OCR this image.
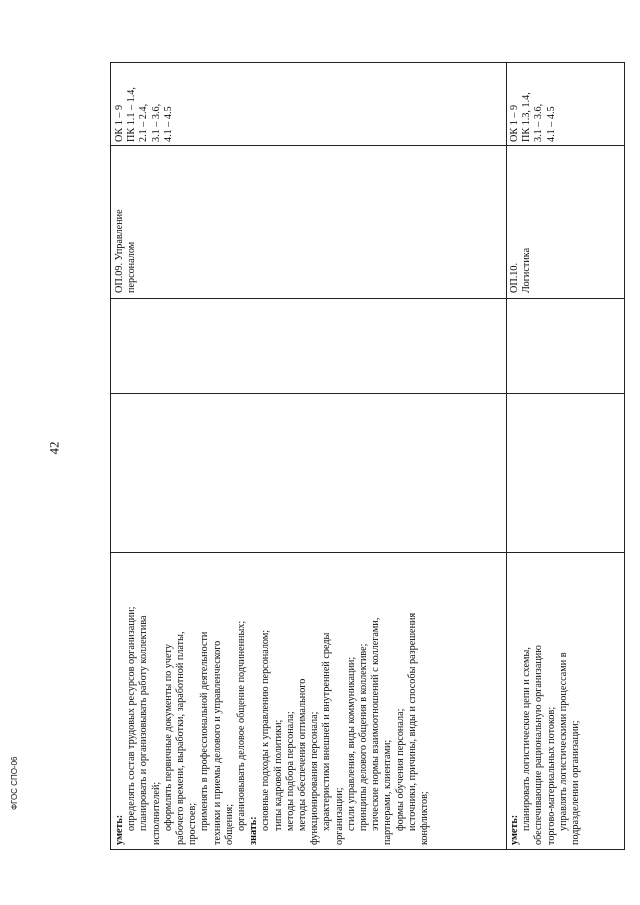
42
уметь: определять состав трудовых ресурсов организации; планировать и организовывать работу коллектива исполнителей; оформлять первичные документы по учету рабочего времени, выработки, заработной платы, простоев; применять в профессиональной деятельности техники и приемы делового и управленческого общения; организовывать деловое общение подчиненных; знать: основные подходы к управлению персоналом; типы кадровой политики; методы подбора персонала; методы обеспечения оптимального функционирования персонала; характеристики внешней и внутренней среды организации; стили управления, виды коммуникации; принципы делового общения в коллективе; этические нормы взаимоотношений с коллегами, партнерами, клиентами; формы обучения персонала; источники, причины, виды и способы разрешения конфликтов;
ОП.09. Управление персоналом
ОК 1 – 9 ПК 1.1 – 1.4, 2.1 – 2.4, 3.1 – 3.6, 4.1 – 4.5
уметь: планировать логистические цепи и схемы, обеспечивающие рациональную организацию торгово-материальных потоков; управлять логистическими процессами в подразделении организации;
ОП.10. Логистика
ОК 1 – 9 ПК 1.3, 1.4, 3.1 – 3.6, 4.1 – 4.5
ФГОС СПО-06
